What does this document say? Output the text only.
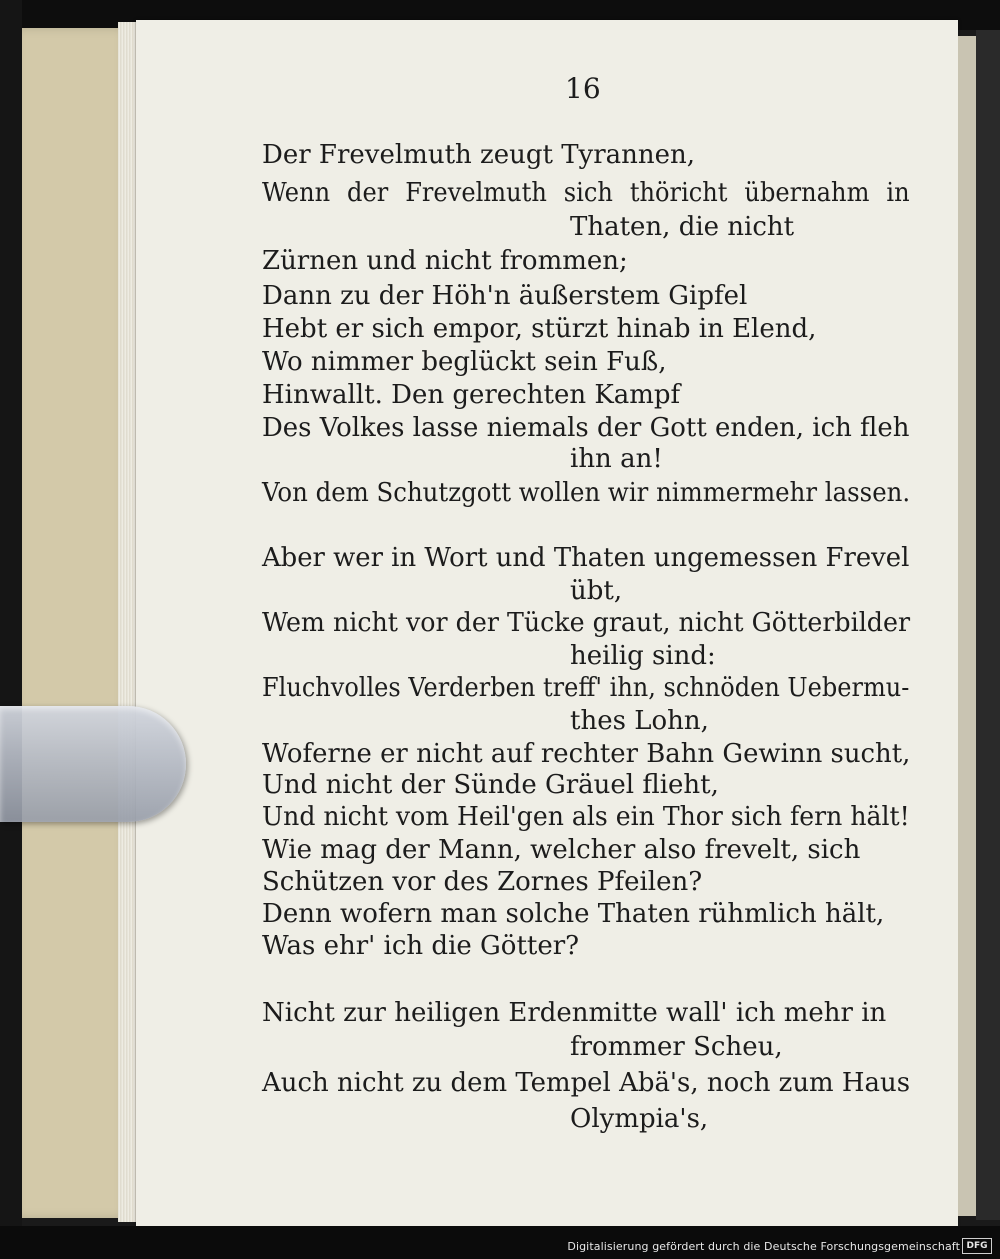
16
Der Frevelmuth zeugt Tyrannen,
Wenn der Frevelmuth sich thöricht übernahm in
Thaten, die nicht
Zürnen und nicht frommen;
Dann zu der Höh'n äußerstem Gipfel
Hebt er sich empor, stürzt hinab in Elend,
Wo nimmer beglückt sein Fuß,
Hinwallt. Den gerechten Kampf
Des Volkes lasse niemals der Gott enden, ich fleh
ihn an!
Von dem Schutzgott wollen wir nimmermehr lassen.
Aber wer in Wort und Thaten ungemessen Frevel
übt,
Wem nicht vor der Tücke graut, nicht Götterbilder
heilig sind:
Fluchvolles Verderben treff' ihn, schnöden Uebermu-
thes Lohn,
Woferne er nicht auf rechter Bahn Gewinn sucht,
Und nicht der Sünde Gräuel flieht,
Und nicht vom Heil'gen als ein Thor sich fern hält!
Wie mag der Mann, welcher also frevelt, sich
Schützen vor des Zornes Pfeilen?
Denn wofern man solche Thaten rühmlich hält,
Was ehr' ich die Götter?
Nicht zur heiligen Erdenmitte wall' ich mehr in
frommer Scheu,
Auch nicht zu dem Tempel Abä's, noch zum Haus
Olympia's,
Digitalisierung gefördert durch die Deutsche Forschungsgemeinschaft DFG
